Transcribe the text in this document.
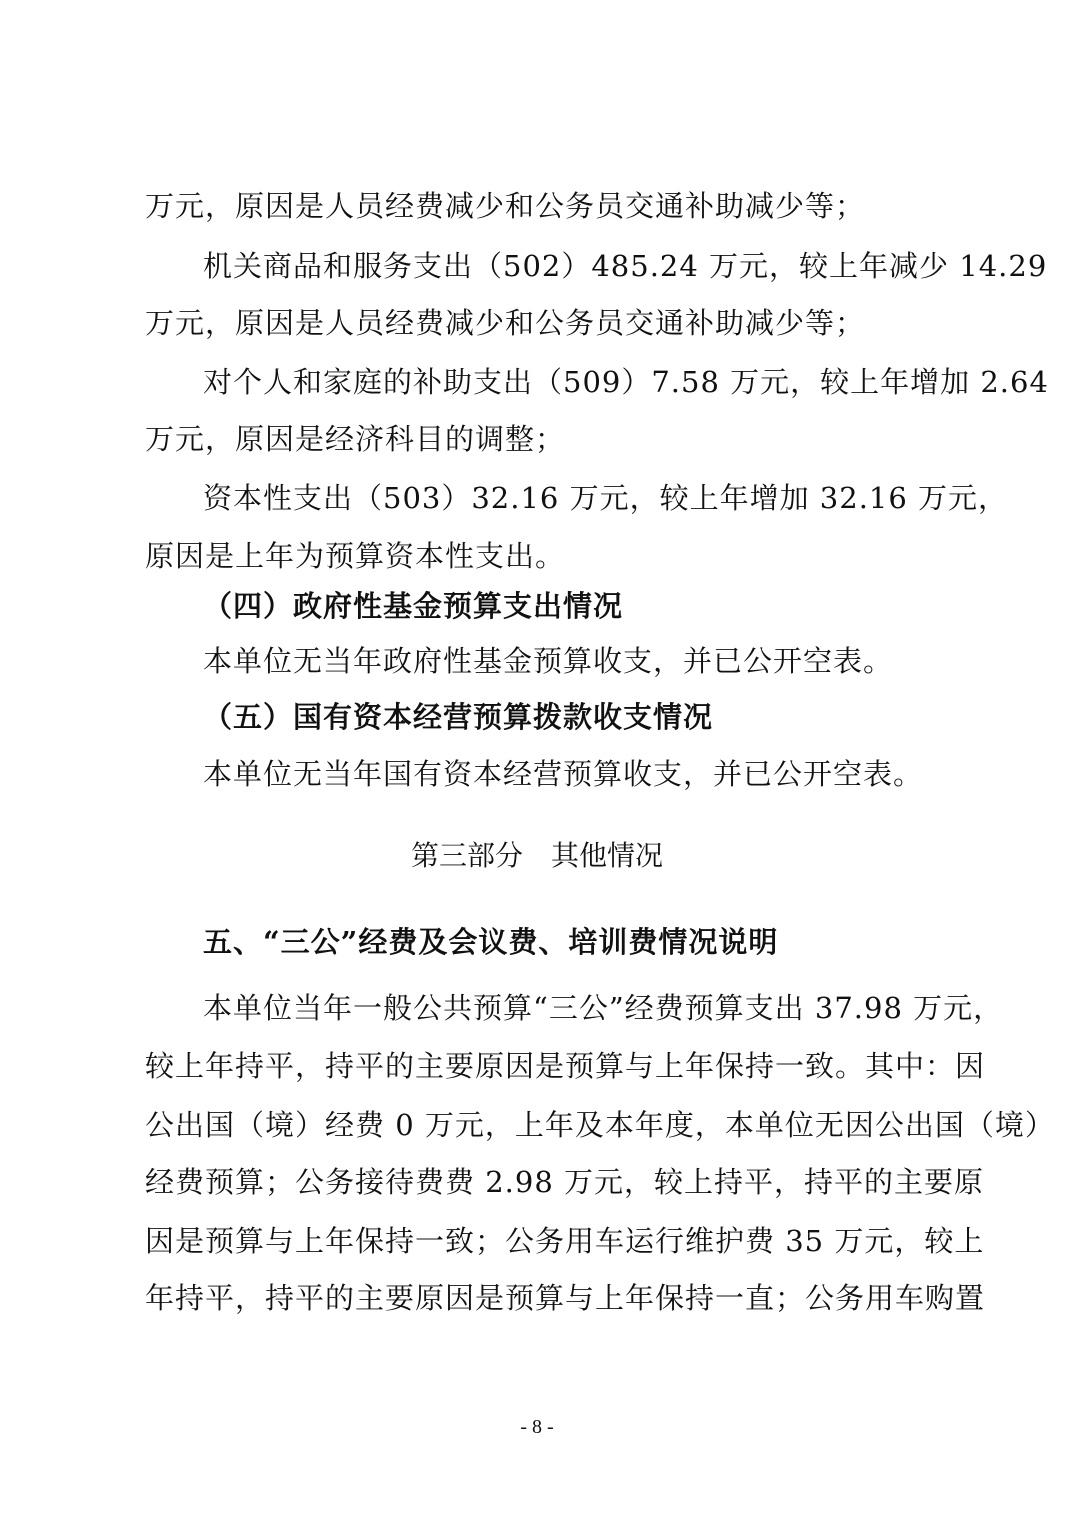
万元，原因是人员经费减少和公务员交通补助减少等；
机关商品和服务支出（502）485.24 万元，较上年减少 14.29
万元，原因是人员经费减少和公务员交通补助减少等；
对个人和家庭的补助支出（509）7.58 万元，较上年增加 2.64
万元，原因是经济科目的调整；
资本性支出（503）32.16 万元，较上年增加 32.16 万元，
原因是上年为预算资本性支出。
（四）政府性基金预算支出情况
本单位无当年政府性基金预算收支，并已公开空表。
（五）国有资本经营预算拨款收支情况
本单位无当年国有资本经营预算收支，并已公开空表。
第三部分　其他情况
五、“三公”经费及会议费、培训费情况说明
本单位当年一般公共预算“三公”经费预算支出 37.98 万元，
较上年持平，持平的主要原因是预算与上年保持一致。其中：因
公出国（境）经费 0 万元，上年及本年度，本单位无因公出国（境）
经费预算；公务接待费费 2.98 万元，较上持平，持平的主要原
因是预算与上年保持一致；公务用车运行维护费 35 万元，较上
年持平，持平的主要原因是预算与上年保持一直；公务用车购置
- 8 -
